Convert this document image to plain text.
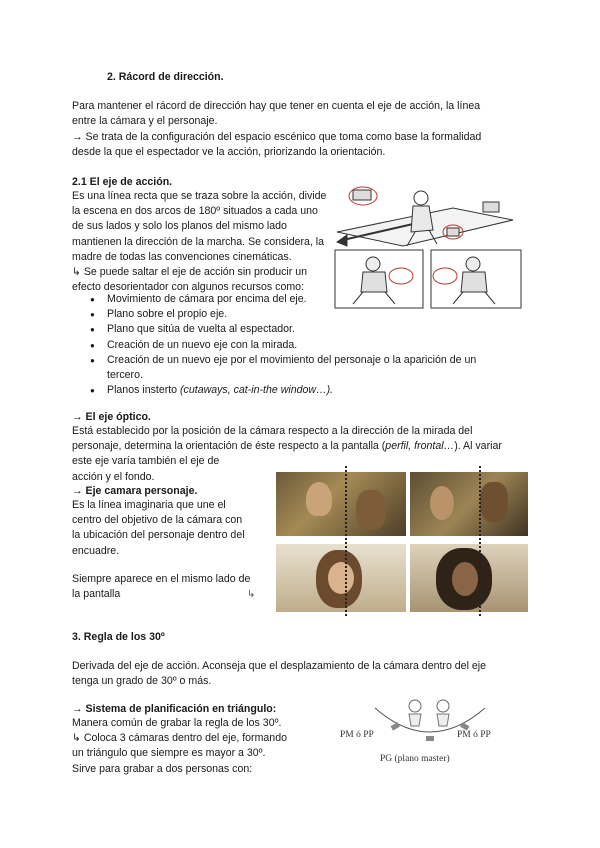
2. Rácord de dirección.
Para mantener el rácord de dirección hay que tener en cuenta el eje de acción, la línea
entre la cámara y el personaje.
→ Se trata de la configuración del espacio escénico que toma como base la formalidad
desde la que el espectador ve la acción, priorizando la orientación.
2.1 El eje de acción.
Es una línea recta que se traza sobre la acción, divide
la escena en dos arcos de 180º situados a cada uno
de sus lados y solo los planos del mismo lado
mantienen la dirección de la marcha. Se considera, la
madre de todas las convenciones cinemáticas.
↳ Se puede saltar el eje de acción sin producir un
efecto desorientador con algunos recursos como:
● Movimiento de cámara por encima del eje.
● Plano sobre el propio eje.
● Plano que sitúa de vuelta al espectador.
● Creación de un nuevo eje con la mirada.
● Creación de un nuevo eje por el movimiento del personaje o la aparición de un
tercero.
● Planos insterto (cutaways, cat-in-the window…).
→ El eje óptico.
Está establecido por la posición de la cámara respecto a la dirección de la mirada del
personaje, determina la orientación de éste respecto a la pantalla (perfil, frontal…). Al variar
este eje varía también el eje de
acción y el fondo.
→ Eje camara personaje.
Es la línea imaginaria que une el
centro del objetivo de la cámara con
la ubicación del personaje dentro del
encuadre.
Siempre aparece en el mismo lado de
la pantalla	↳
3. Regla de los 30º
Derivada del eje de acción. Aconseja que el desplazamiento de la cámara dentro del eje
tenga un grado de 30º o más.
→ Sistema de planificación en triángulo:
Manera común de grabar la regla de los 30º.
↳ Coloca 3 cámaras dentro del eje, formando
un triángulo que siempre es mayor a 30º.
Sirve para grabar a dos personas con:
PM ó PP	PM ó PP
PG (plano master)
